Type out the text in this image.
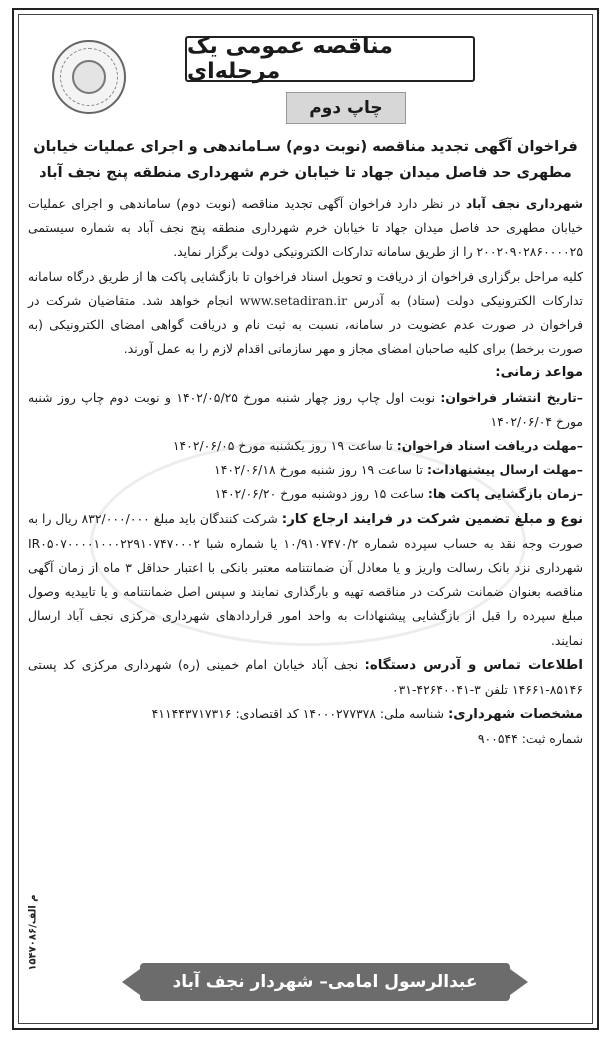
مناقصه عمومی یک مرحله‌ای
چاپ دوم
فراخوان آگهی تجدید مناقصه (نوبت دوم) سـاماندهی و اجرای عملیات خیابان مطهری حد فاصل میدان جهاد تا خیابان خرم شهرداری منطقه پنج نجف آباد

شهرداری نجف آباد در نظر دارد فراخوان آگهی تجدید مناقصه (نوبت دوم) ساماندهی و اجرای عملیات خیابان مطهری حد فاصل میدان جهاد تا خیابان خرم شهرداری منطقه پنج نجف آباد به شماره سیستمی ۲۰۰۲۰۹۰۲۸۶۰۰۰۰۲۵ را از طریق سامانه تدارکات الکترونیکی دولت برگزار نماید.

کلیه مراحل برگزاری فراخوان از دریافت و تحویل اسناد فراخوان تا بازگشایی پاکت ها از طریق درگاه سامانه تدارکات الکترونیکی دولت (ستاد) به آدرس www.setadiran.ir انجام خواهد شد. متقاضیان شرکت در فراخوان در صورت عدم عضویت در سامانه، نسبت به ثبت نام و دریافت گواهی امضای الکترونیکی (به صورت برخط) برای کلیه صاحبان امضای مجاز و مهر سازمانی اقدام لازم را به عمل آورند.

مواعد زمانی:

–تاریخ انتشار فراخوان: نوبت اول چاپ روز چهار شنبه مورخ ۱۴۰۲/۰۵/۲۵ و نوبت دوم چاپ روز شنبه مورخ ۱۴۰۲/۰۶/۰۴

–مهلت دریافت اسناد فراخوان: تا ساعت ۱۹ روز یکشنبه مورخ ۱۴۰۲/۰۶/۰۵

–مهلت ارسال پیشنهادات: تا ساعت ۱۹ روز شنبه مورخ ۱۴۰۲/۰۶/۱۸

–زمان بازگشایی پاکت ها: ساعت ۱۵ روز دوشنبه مورخ ۱۴۰۲/۰۶/۲۰

نوع و مبلغ تضمین شرکت در فرایند ارجاع کار: شرکت کنندگان باید مبلغ ۸۳۲/۰۰۰/۰۰۰ ریال را به صورت وجه نقد به حساب سپرده شماره ۱۰/۹۱۰۷۴۷۰/۲ یا شماره شبا IR۰۵۰۷۰۰۰۰۱۰۰۰۲۲۹۱۰۷۴۷۰۰۰۲ شهرداری نزد بانک رسالت واریز و یا معادل آن ضمانتنامه معتبر بانکی با اعتبار حداقل ۳ ماه از زمان آگهی مناقصه بعنوان ضمانت شرکت در مناقصه تهیه و بارگذاری نمایند و سپس اصل ضمانتنامه و یا تاییدیه وصول مبلغ سپرده را قبل از بازگشایی پیشنهادات به واحد امور قراردادهای شهرداری مرکزی نجف آباد ارسال نمایند.

اطلاعات تماس و آدرس دستگاه: نجف آباد خیابان امام خمینی (ره) شهرداری مرکزی کد پستی ۸۵۱۴۶-۱۴۶۶۱ تلفن ۳-۴۲۶۴۰۰۴۱-۰۳۱

مشخصات شهرداری: شناسه ملی: ۱۴۰۰۰۲۷۷۳۷۸ کد اقتصادی: ۴۱۱۴۴۳۷۱۷۳۱۶

شماره ثبت: ۹۰۰۵۴۴

م الف/۱۵۴۷۰۸۶
عبدالرسول امامی– شهردار نجف آباد
